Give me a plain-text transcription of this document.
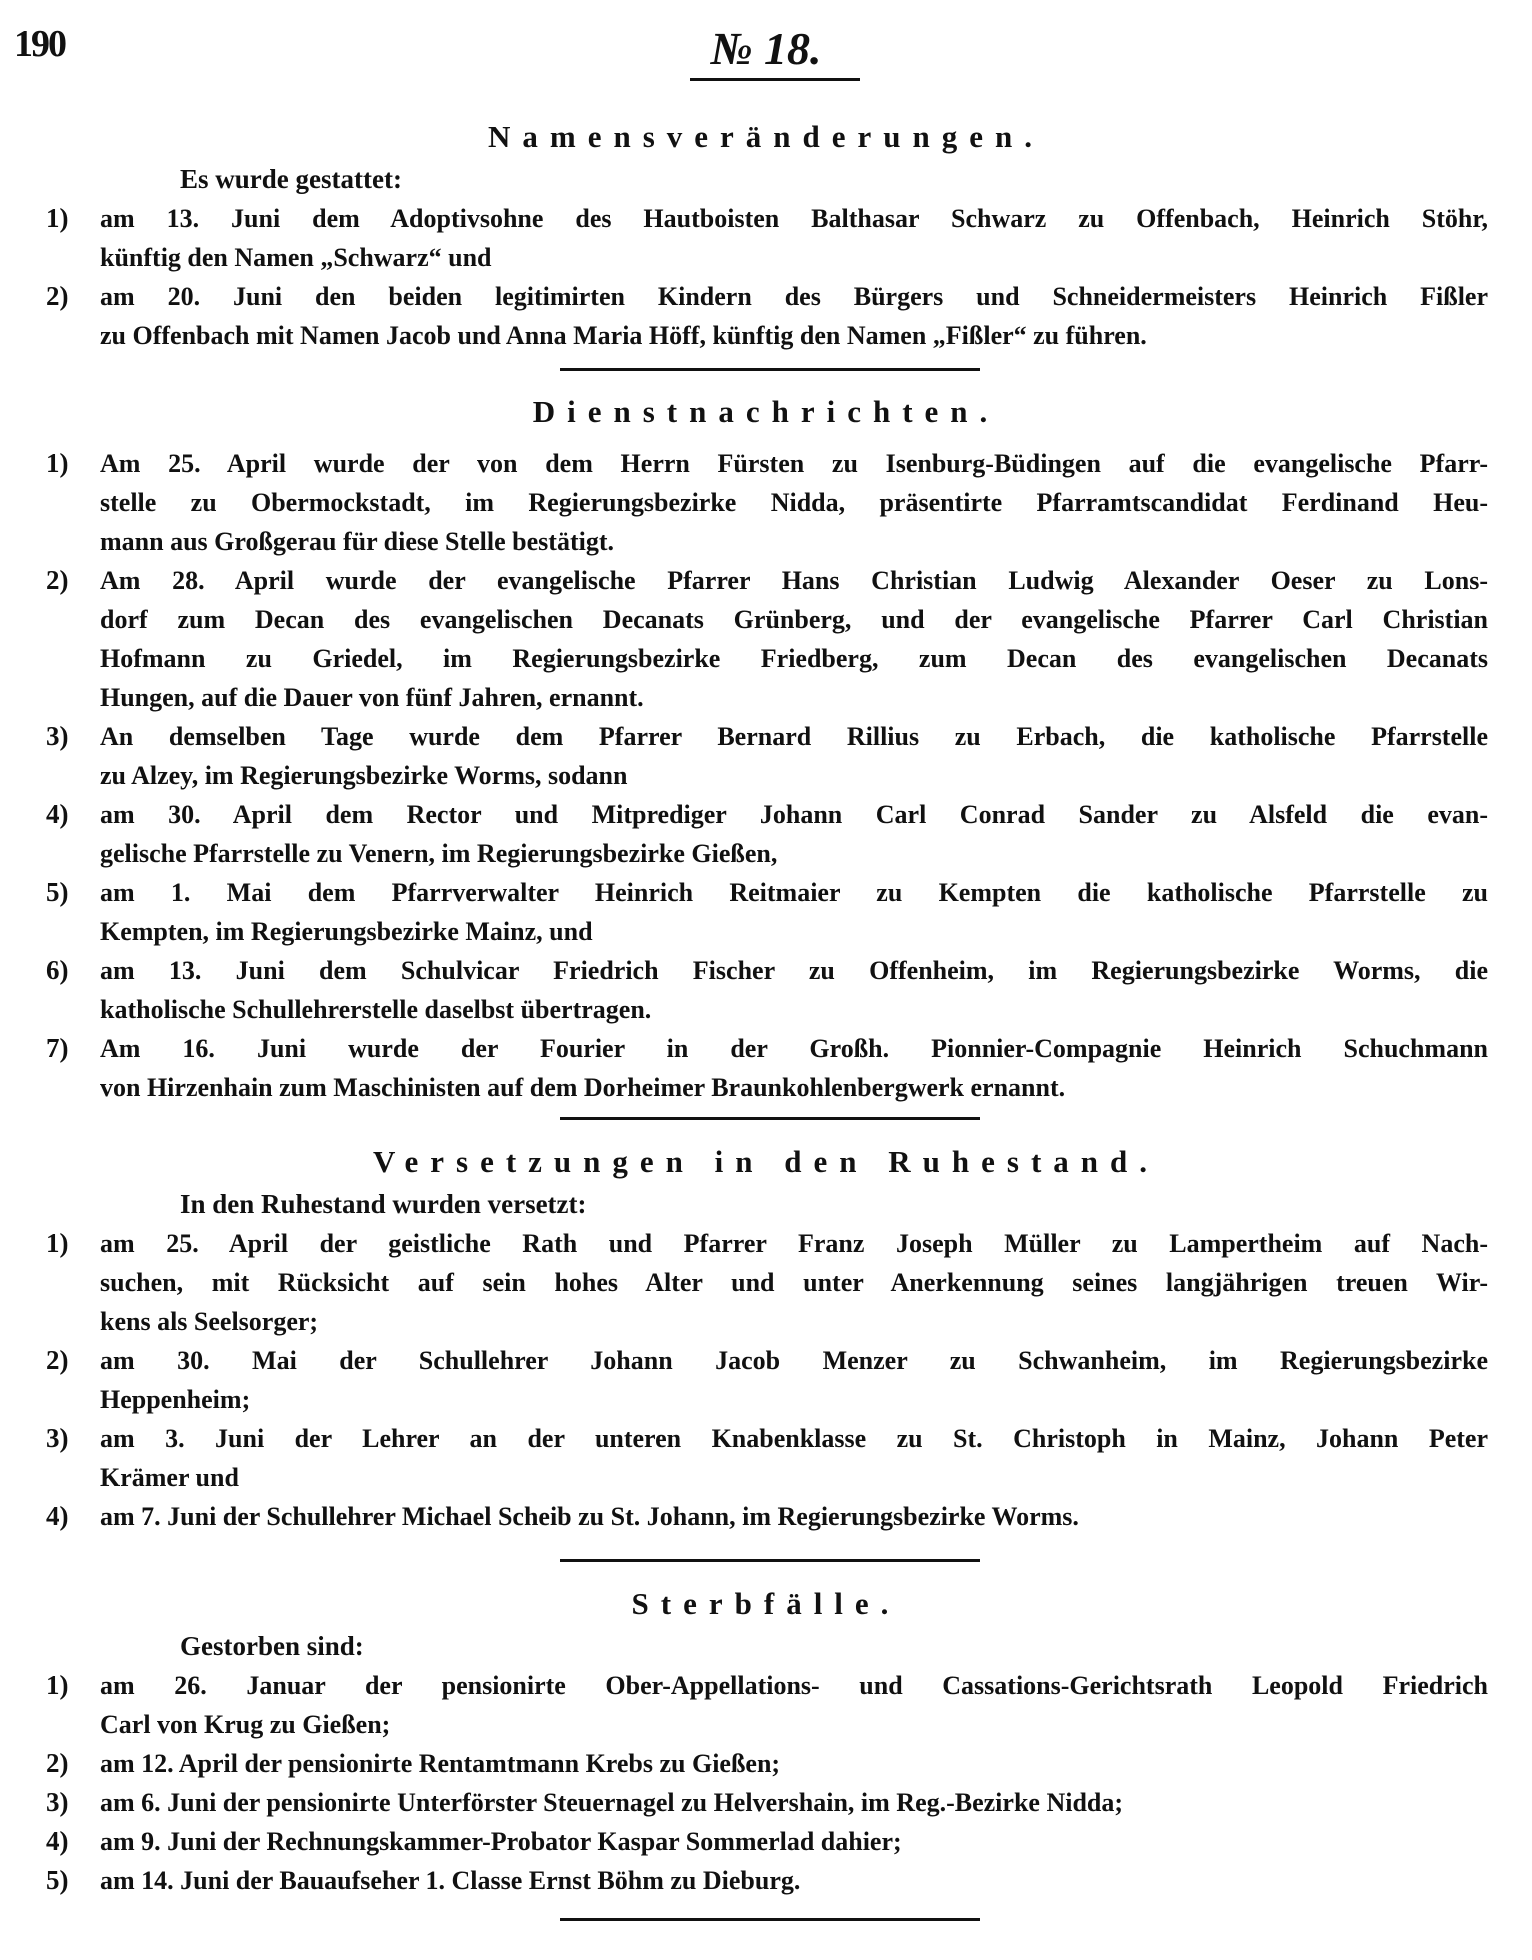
190	№ 18.
Namensveränderungen.
Es wurde gestattet:
1) am 13. Juni dem Adoptivsohne des Hautboisten Balthasar Schwarz zu Offenbach, Heinrich Stöhr,
künftig den Namen „Schwarz“ und
2) am 20. Juni den beiden legitimirten Kindern des Bürgers und Schneidermeisters Heinrich Fißler
zu Offenbach mit Namen Jacob und Anna Maria Höff, künftig den Namen „Fißler“ zu führen.
Dienstnachrichten.
1) Am 25. April wurde der von dem Herrn Fürsten zu Isenburg-Büdingen auf die evangelische Pfarr-
stelle zu Obermockstadt, im Regierungsbezirke Nidda, präsentirte Pfarramtscandidat Ferdinand Heu-
mann aus Großgerau für diese Stelle bestätigt.
2) Am 28. April wurde der evangelische Pfarrer Hans Christian Ludwig Alexander Oeser zu Lons-
dorf zum Decan des evangelischen Decanats Grünberg, und der evangelische Pfarrer Carl Christian
Hofmann zu Griedel, im Regierungsbezirke Friedberg, zum Decan des evangelischen Decanats
Hungen, auf die Dauer von fünf Jahren, ernannt.
3) An demselben Tage wurde dem Pfarrer Bernard Rillius zu Erbach, die katholische Pfarrstelle
zu Alzey, im Regierungsbezirke Worms, sodann
4) am 30. April dem Rector und Mitprediger Johann Carl Conrad Sander zu Alsfeld die evan-
gelische Pfarrstelle zu Venern, im Regierungsbezirke Gießen,
5) am 1. Mai dem Pfarrverwalter Heinrich Reitmaier zu Kempten die katholische Pfarrstelle zu
Kempten, im Regierungsbezirke Mainz, und
6) am 13. Juni dem Schulvicar Friedrich Fischer zu Offenheim, im Regierungsbezirke Worms, die
katholische Schullehrerstelle daselbst übertragen.
7) Am 16. Juni wurde der Fourier in der Großh. Pionnier-Compagnie Heinrich Schuchmann
von Hirzenhain zum Maschinisten auf dem Dorheimer Braunkohlenbergwerk ernannt.
Versetzungen in den Ruhestand.
In den Ruhestand wurden versetzt:
1) am 25. April der geistliche Rath und Pfarrer Franz Joseph Müller zu Lampertheim auf Nach-
suchen, mit Rücksicht auf sein hohes Alter und unter Anerkennung seines langjährigen treuen Wir-
kens als Seelsorger;
2) am 30. Mai der Schullehrer Johann Jacob Menzer zu Schwanheim, im Regierungsbezirke
Heppenheim;
3) am 3. Juni der Lehrer an der unteren Knabenklasse zu St. Christoph in Mainz, Johann Peter
Krämer und
4) am 7. Juni der Schullehrer Michael Scheib zu St. Johann, im Regierungsbezirke Worms.
Sterbfälle.
Gestorben sind:
1) am 26. Januar der pensionirte Ober-Appellations- und Cassations-Gerichtsrath Leopold Friedrich
Carl von Krug zu Gießen;
2) am 12. April der pensionirte Rentamtmann Krebs zu Gießen;
3) am 6. Juni der pensionirte Unterförster Steuernagel zu Helvershain, im Reg.-Bezirke Nidda;
4) am 9. Juni der Rechnungskammer-Probator Kaspar Sommerlad dahier;
5) am 14. Juni der Bauaufseher 1. Classe Ernst Böhm zu Dieburg.
